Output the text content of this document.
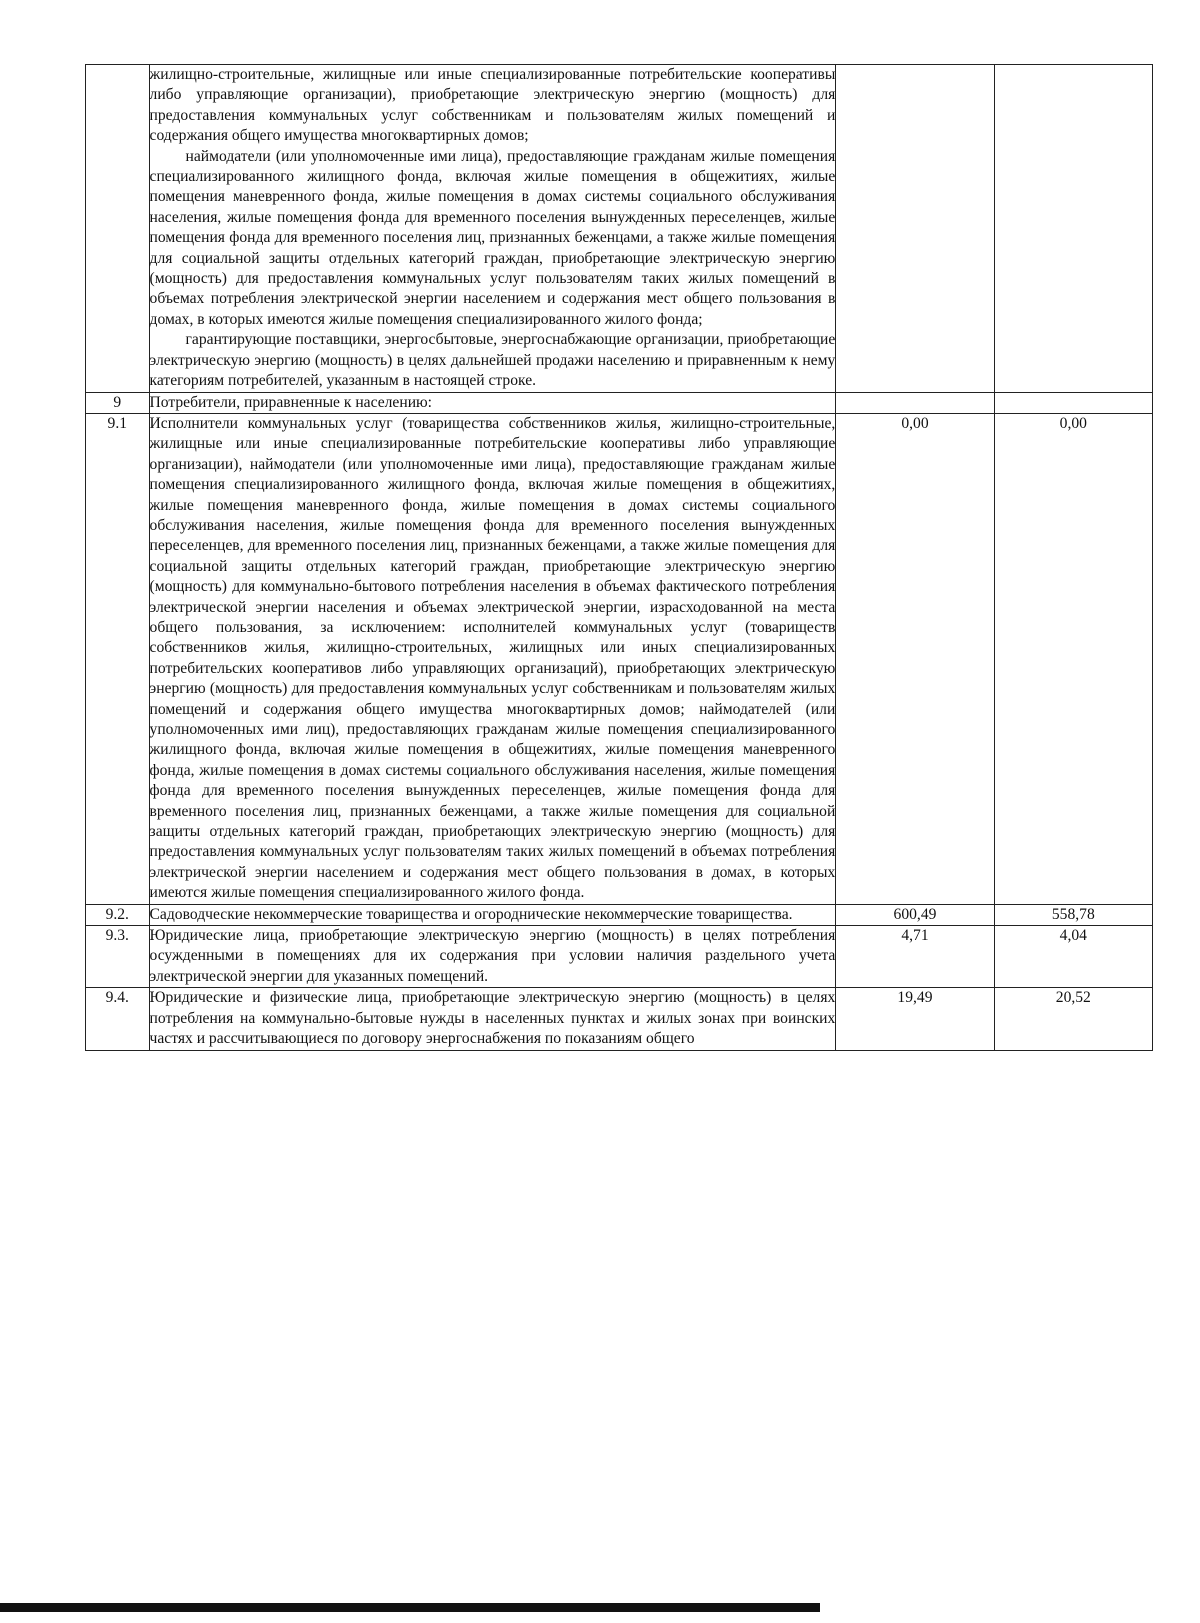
	жилищно-строительные, жилищные или иные специализированные потребительские кооперативы либо управляющие организации), приобретающие электрическую энергию (мощность) для предоставления коммунальных услуг собственникам и пользователям жилых помещений и содержания общего имущества многоквартирных домов;

наймодатели (или уполномоченные ими лица), предоставляющие гражданам жилые помещения специализированного жилищного фонда, включая жилые помещения в общежитиях, жилые помещения маневренного фонда, жилые помещения в домах системы социального обслуживания населения, жилые помещения фонда для временного поселения вынужденных переселенцев, жилые помещения фонда для временного поселения лиц, признанных беженцами, а также жилые помещения для социальной защиты отдельных категорий граждан, приобретающие электрическую энергию (мощность) для предоставления коммунальных услуг пользователям таких жилых помещений в объемах потребления электрической энергии населением и содержания мест общего пользования в домах, в которых имеются жилые помещения специализированного жилого фонда;

гарантирующие поставщики, энергосбытовые, энергоснабжающие организации, приобретающие электрическую энергию (мощность) в целях дальнейшей продажи населению и приравненным к нему категориям потребителей, указанным в настоящей строке.		

9	Потребители, приравненные к населению:		
9.1	Исполнители коммунальных услуг (товарищества собственников жилья, жилищно-строительные, жилищные или иные специализированные потребительские кооперативы либо управляющие организации), наймодатели (или уполномоченные ими лица), предоставляющие гражданам жилые помещения специализированного жилищного фонда, включая жилые помещения в общежитиях, жилые помещения маневренного фонда, жилые помещения в домах системы социального обслуживания населения, жилые помещения фонда для временного поселения вынужденных переселенцев, для временного поселения лиц, признанных беженцами, а также жилые помещения для социальной защиты отдельных категорий граждан, приобретающие электрическую энергию (мощность) для коммунально-бытового потребления населения в объемах фактического потребления электрической энергии населения и объемах электрической энергии, израсходованной на места общего пользования, за исключением: исполнителей коммунальных услуг (товариществ собственников жилья, жилищно-строительных, жилищных или иных специализированных потребительских кооперативов либо управляющих организаций), приобретающих электрическую энергию (мощность) для предоставления коммунальных услуг собственникам и пользователям жилых помещений и содержания общего имущества многоквартирных домов; наймодателей (или уполномоченных ими лиц), предоставляющих гражданам жилые помещения специализированного жилищного фонда, включая жилые помещения в общежитиях, жилые помещения маневренного фонда, жилые помещения в домах системы социального обслуживания населения, жилые помещения фонда для временного поселения вынужденных переселенцев, жилые помещения фонда для временного поселения лиц, признанных беженцами, а также жилые помещения для социальной защиты отдельных категорий граждан, приобретающих электрическую энергию (мощность) для предоставления коммунальных услуг пользователям таких жилых помещений в объемах потребления электрической энергии населением и содержания мест общего пользования в домах, в которых имеются жилые помещения специализированного жилого фонда.	0,00	0,00
9.2.	Садоводческие некоммерческие товарищества и огороднические некоммерческие товарищества.	600,49	558,78
9.3.	Юридические лица, приобретающие электрическую энергию (мощность) в целях потребления осужденными в помещениях для их содержания при условии наличия раздельного учета электрической энергии для указанных помещений.	4,71	4,04
9.4.	Юридические и физические лица, приобретающие электрическую энергию (мощность) в целях потребления на коммунально-бытовые нужды в населенных пунктах и жилых зонах при воинских частях и рассчитывающиеся по договору энергоснабжения по показаниям общего	19,49	20,52
